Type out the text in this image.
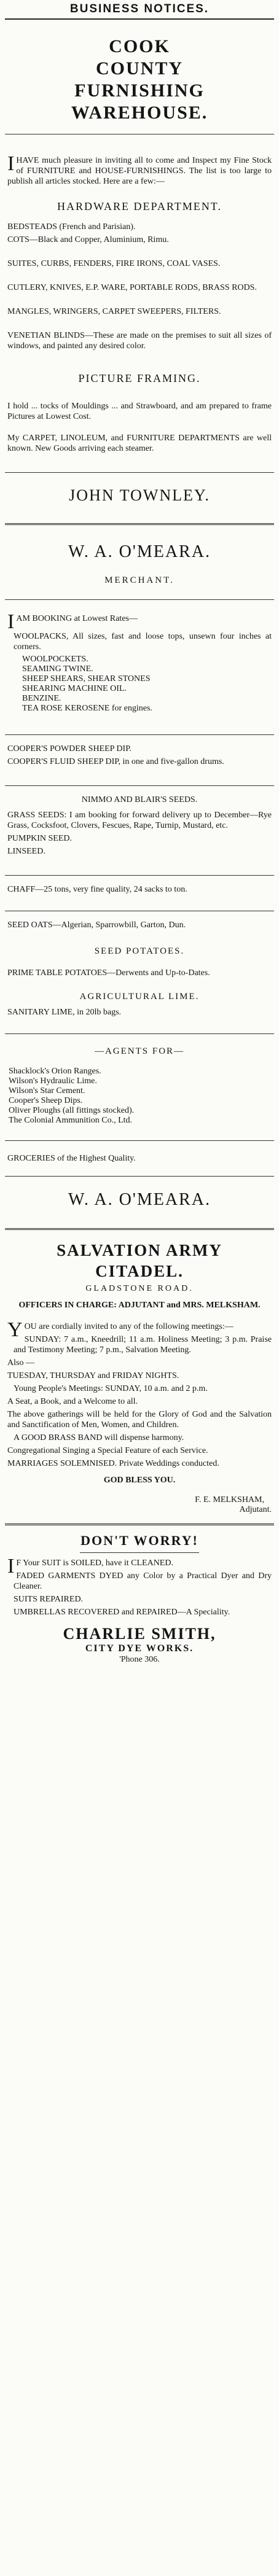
BUSINESS NOTICES.
COOK
COUNTY
FURNISHING
WAREHOUSE.

IHAVE much pleasure in inviting all to come and Inspect my Fine Stock of FURNITURE and HOUSE-FURNISHINGS. The list is too large to publish all articles stocked. Here are a few:—

HARDWARE DEPARTMENT.

BEDSTEADS (French and Parisian).

COTS—Black and Copper, Aluminium, Rimu.

SUITES, CURBS, FENDERS, FIRE IRONS, COAL VASES.

CUTLERY, KNIVES, E.P. WARE, PORTABLE RODS, BRASS RODS.

MANGLES, WRINGERS, CARPET SWEEPERS, FILTERS.

VENETIAN BLINDS—These are made on the premises to suit all sizes of windows, and painted any desired color.

PICTURE FRAMING.

I hold ... tocks of Mouldings ... and Strawboard, and am prepared to frame Pictures at Lowest Cost.

My CARPET, LINOLEUM, and FURNITURE DEPARTMENTS are well known. New Goods arriving each steamer.

JOHN TOWNLEY.
W. A. O'MEARA.
MERCHANT.

IAM BOOKING at Lowest Rates—

WOOLPACKS, All sizes, fast and loose tops, unsewn four inches at corners.

WOOLPOCKETS.
SEAMING TWINE.
SHEEP SHEARS, SHEAR STONES
SHEARING MACHINE OIL.
BENZINE.
TEA ROSE KEROSENE for engines.

COOPER'S POWDER SHEEP DIP.

COOPER'S FLUID SHEEP DIP, in one and five-gallon drums.

NIMMO AND BLAIR'S SEEDS.

GRASS SEEDS: I am booking for forward delivery up to December—Rye Grass, Cocksfoot, Clovers, Fescues, Rape, Turnip, Mustard, etc.

PUMPKIN SEED.

LINSEED.

CHAFF—25 tons, very fine quality, 24 sacks to ton.

SEED OATS—Algerian, Sparrowbill, Garton, Dun.

SEED POTATOES.

PRIME TABLE POTATOES—Derwents and Up-to-Dates.

AGRICULTURAL LIME.

SANITARY LIME, in 20lb bags.

—AGENTS FOR—
Shacklock's Orion Ranges.
Wilson's Hydraulic Lime.
Wilson's Star Cement.
Cooper's Sheep Dips.
Oliver Ploughs (all fittings stocked).
The Colonial Ammunition Co., Ltd.

GROCERIES of the Highest Quality.

W. A. O'MEARA.
SALVATION ARMY
CITADEL.
GLADSTONE ROAD.

OFFICERS IN CHARGE: ADJUTANT and MRS. MELKSHAM.

YOU are cordially invited to any of the following meetings:—

SUNDAY: 7 a.m., Kneedrill; 11 a.m. Holiness Meeting; 3 p.m. Praise and Testimony Meeting; 7 p.m., Salvation Meeting.

Also —

TUESDAY, THURSDAY and FRIDAY NIGHTS.

Young People's Meetings: SUNDAY, 10 a.m. and 2 p.m.

A Seat, a Book, and a Welcome to all.

The above gatherings will be held for the Glory of God and the Salvation and Sanctification of Men, Women, and Children.

A GOOD BRASS BAND will dispense harmony.

Congregational Singing a Special Feature of each Service.

MARRIAGES SOLEMNISED. Private Weddings conducted.

GOD BLESS YOU.

F. E. MELKSHAM,
Adjutant.
DON'T WORRY!

IF Your SUIT is SOILED, have it CLEANED.

FADED GARMENTS DYED any Color by a Practical Dyer and Dry Cleaner.

SUITS REPAIRED.

UMBRELLAS RECOVERED and REPAIRED—A Speciality.

CHARLIE SMITH,
CITY DYE WORKS.
'Phone 306.
